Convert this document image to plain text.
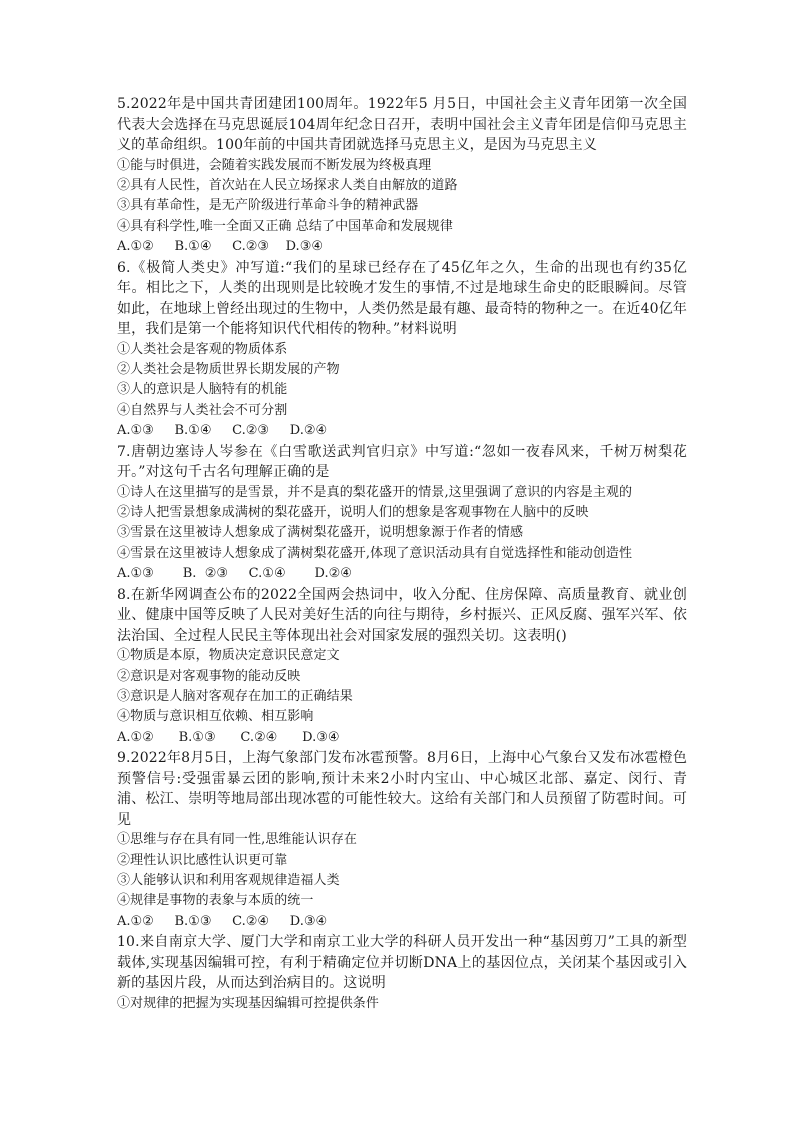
5.2022年是中国共青团建团100周年。1922年5 月5日，中国社会主义青年团第一次全国代表大会选择在马克思诞辰104周年纪念日召开，表明中国社会主义青年团是信仰马克思主义的革命组织。100年前的中国共青团就选择马克思主义，是因为马克思主义

①能与时俱进，会随着实践发展而不断发展为终极真理

②具有人民性，首次站在人民立场探求人类自由解放的道路

③具有革命性，是无产阶级进行革命斗争的精神武器

④具有科学性,唯一全面又正确 总结了中国革命和发展规律

A.①②     B.①④     C.②③    D.③④

6.《极简人类史》冲写道:“我们的星球已经存在了45亿年之久，生命的出现也有约35亿年。相比之下，人类的出现则是比较晚才发生的事情,不过是地球生命史的眨眼瞬间。尽管如此，在地球上曾经出现过的生物中，人类仍然是最有趣、最奇特的物种之一。在近40亿年里，我们是第一个能将知识代代相传的物种。”材料说明

①人类社会是客观的物质体系

②人类社会是物质世界长期发展的产物

③人的意识是人脑特有的机能

④自然界与人类社会不可分割

A.①③     B.①④     C.②③     D.②④

7.唐朝边塞诗人岑参在《白雪歌送武判官归京》中写道:“忽如一夜春风来，千树万树梨花开。”对这句千古名句理解正确的是

①诗人在这里描写的是雪景，并不是真的梨花盛开的情景,这里强调了意识的内容是主观的

②诗人把雪景想象成满树的梨花盛开，说明人们的想象是客观事物在人脑中的反映

③雪景在这里被诗人想象成了满树梨花盛开，说明想象源于作者的情感

④雪景在这里被诗人想象成了满树梨花盛开,体现了意识活动具有自觉选择性和能动创造性

A.①③       B.  ②③     C.①④       D.②④

8.在新华网调查公布的2022全国两会热词中，收入分配、住房保障、高质量教育、就业创业、健康中国等反映了人民对美好生活的向往与期待，乡村振兴、正风反腐、强军兴军、依法治国、全过程人民民主等体现出社会对国家发展的强烈关切。这表明()

①物质是本原，物质决定意识民意定文

②意识是对客观事物的能动反映

③意识是人脑对客观存在加工的正确结果

④物质与意识相互依赖、相互影响

A.①②      B.①③      C.②④      D.③④

9.2022年8月5日，上海气象部门发布冰雹预警。8月6日，上海中心气象台又发布冰雹橙色预警信号:受强雷暴云团的影响,预计未来2小时内宝山、中心城区北部、嘉定、闵行、青浦、松江、崇明等地局部出现冰雹的可能性较大。这给有关部门和人员预留了防雹时间。可见

①思维与存在具有同一性,思维能认识存在

②理性认识比感性认识更可靠

③人能够认识和利用客观规律造福人类

④规律是事物的表象与本质的统一

A.①②     B.①③     C.②④     D.③④

10.来自南京大学、厦门大学和南京工业大学的科研人员开发出一种“基因剪刀”工具的新型载体,实现基因编辑可控，有利于精确定位并切断DNA上的基因位点，关闭某个基因或引入新的基因片段，从而达到治病目的。这说明

①对规律的把握为实现基因编辑可控提供条件
